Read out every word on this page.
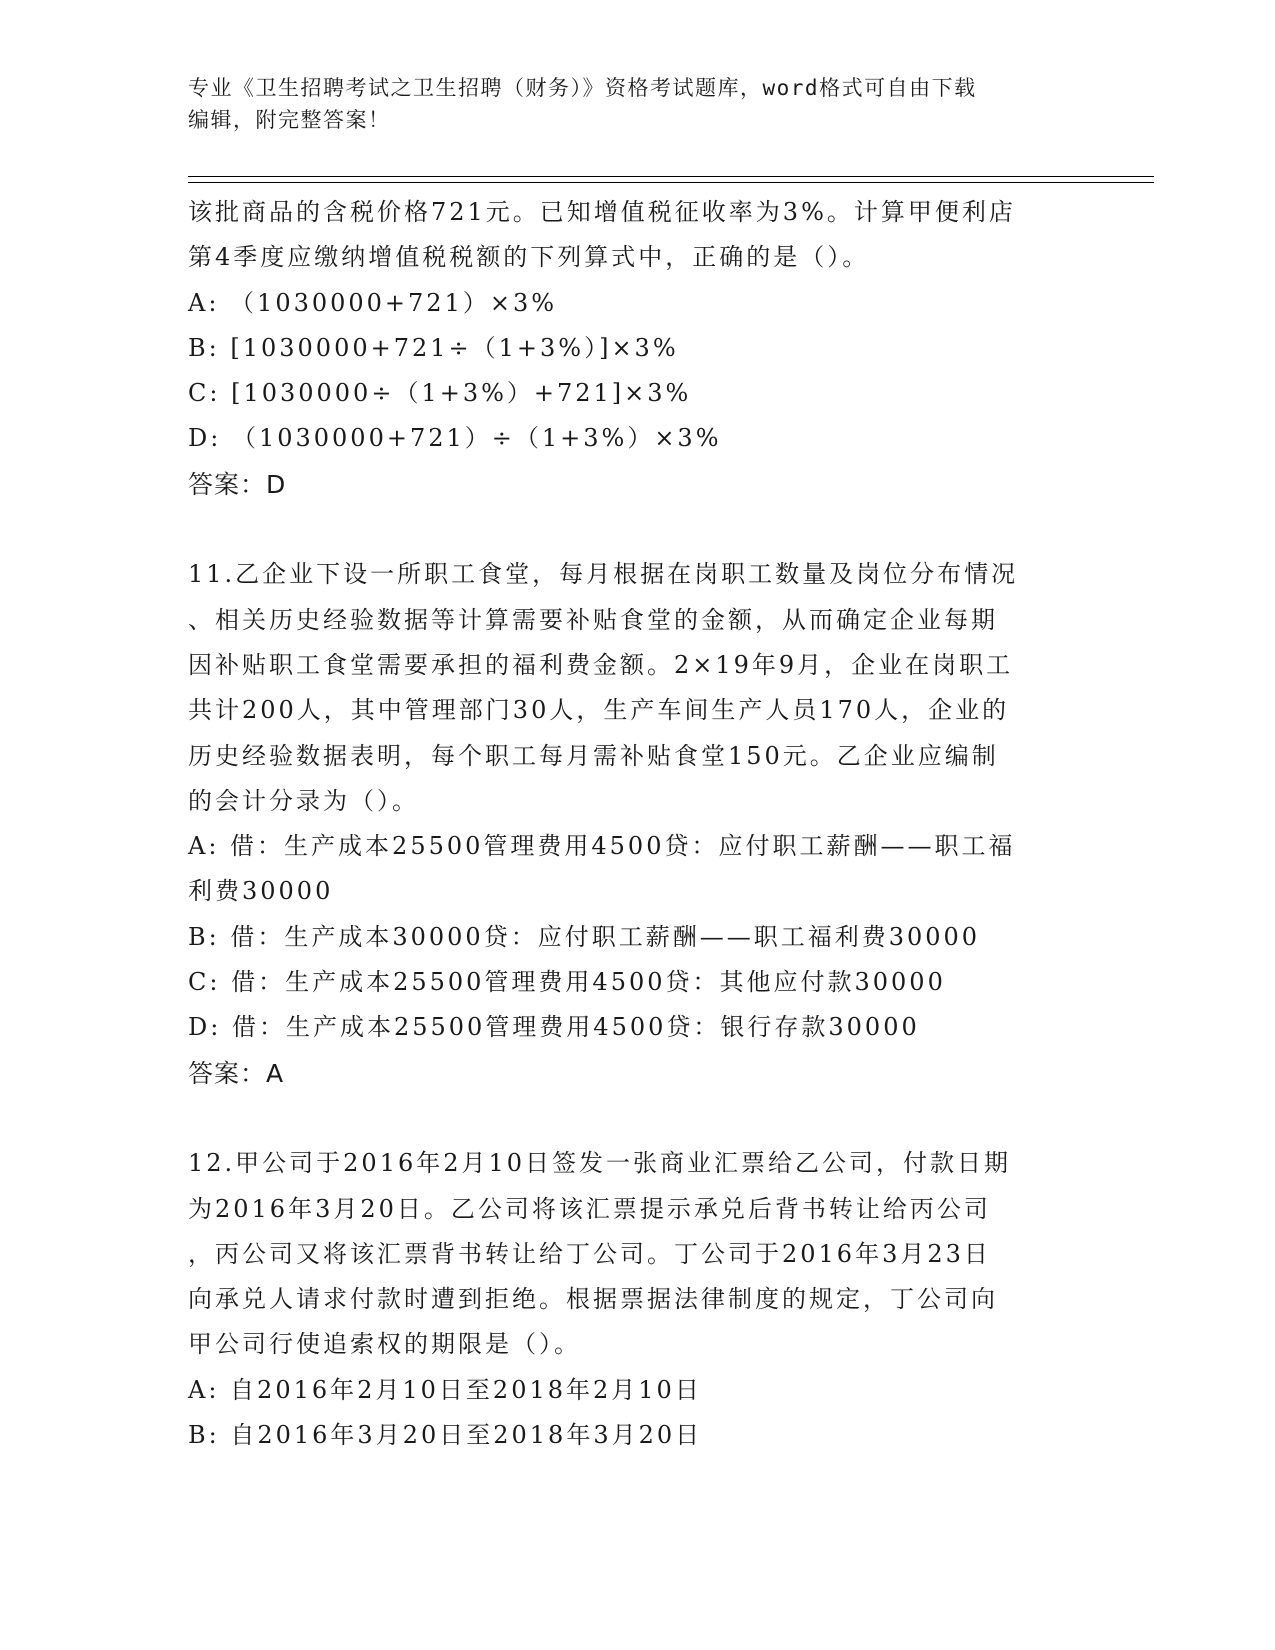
专业《卫生招聘考试之卫生招聘（财务）》资格考试题库，word格式可自由下载
编辑，附完整答案！
该批商品的含税价格721元。已知增值税征收率为3%。计算甲便利店
第4季度应缴纳增值税税额的下列算式中，正确的是（）。
A: （1030000+721）×3%
B: [1030000+721÷（1+3%）]×3%
C: [1030000÷（1+3%）+721]×3%
D: （1030000+721）÷（1+3%）×3%
答案：D
11.乙企业下设一所职工食堂，每月根据在岗职工数量及岗位分布情况
、相关历史经验数据等计算需要补贴食堂的金额，从而确定企业每期
因补贴职工食堂需要承担的福利费金额。2×19年9月，企业在岗职工
共计200人，其中管理部门30人，生产车间生产人员170人，企业的
历史经验数据表明，每个职工每月需补贴食堂150元。乙企业应编制
的会计分录为（）。
A: 借：生产成本25500管理费用4500贷：应付职工薪酬——职工福
利费30000
B: 借：生产成本30000贷：应付职工薪酬——职工福利费30000
C: 借：生产成本25500管理费用4500贷：其他应付款30000
D: 借：生产成本25500管理费用4500贷：银行存款30000
答案：A
12.甲公司于2016年2月10日签发一张商业汇票给乙公司，付款日期
为2016年3月20日。乙公司将该汇票提示承兑后背书转让给丙公司
，丙公司又将该汇票背书转让给丁公司。丁公司于2016年3月23日
向承兑人请求付款时遭到拒绝。根据票据法律制度的规定，丁公司向
甲公司行使追索权的期限是（）。
A: 自2016年2月10日至2018年2月10日
B: 自2016年3月20日至2018年3月20日
